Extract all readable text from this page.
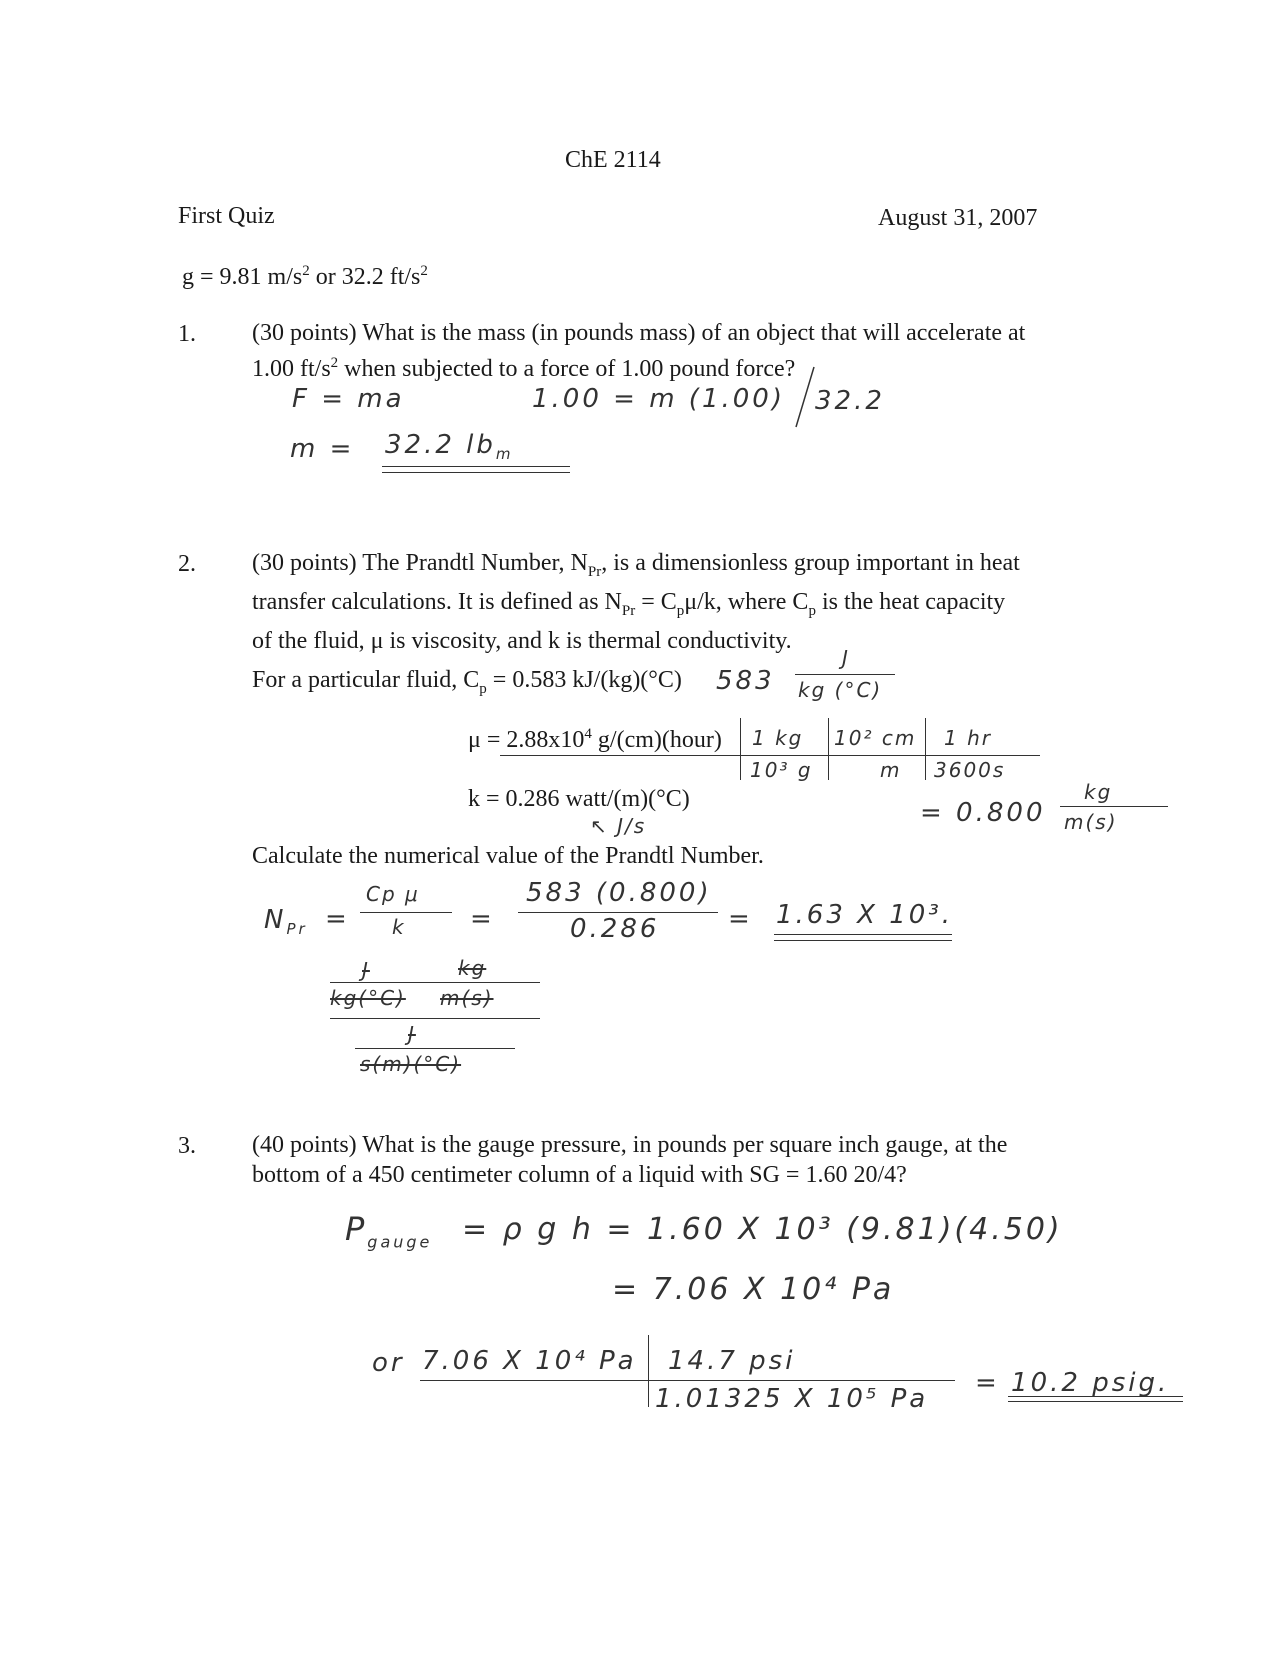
ChE 2114
First Quiz	August 31, 2007
g = 9.81 $m/s^2$ or 32.2 $ft/s^2$
1. (30 points) What is the mass (in pounds mass) of an object that will accelerate at
1.00 $ft/s^2$ when subjected to a force of 1.00 pound force?
F = ma	1.00 = m (1.00) 32.2
m = 32.2 $lb_m$
2. (30 points) The Prandtl Number, $N_{Pr}$, is a dimensionless group important in heat
transfer calculations. It is defined as $N_{Pr} = C_p\mu/k$, where $C_p$ is the heat capacity
of the fluid, μ is viscosity, and k is thermal conductivity.
For a particular fluid, $C_p = 0.583$ kJ/(kg)(°C) 583
J
kg (°C)
$\mu = 2.88x10^4$ g/(cm)(hour) 1 kg
10³ g
10² cm
m
1 hr
3600s
k = 0.286 watt/(m)(°C)
↖ J/s	= 0.800
kg
m(s)
Calculate the numerical value of the Prandtl Number.
$N_{Pr}$ =
Cp μ
k =
583 (0.800)
0.286	= 1.63 X 10³.
J	kg
kg(°C) m(s)
J
s(m)(°C)
3. (40 points) What is the gauge pressure, in pounds per square inch gauge, at the
bottom of a 450 centimeter column of a liquid with SG = 1.60 20/4?
$P_{gauge} = \rho$ g h = 1.60 X 10³ (9.81)(4.50)
= 7.06 X 10⁴ Pa
or 7.06 X 10⁴ Pa 14.7 psi
1.01325 X 10⁵ Pa
= 10.2 psig.
